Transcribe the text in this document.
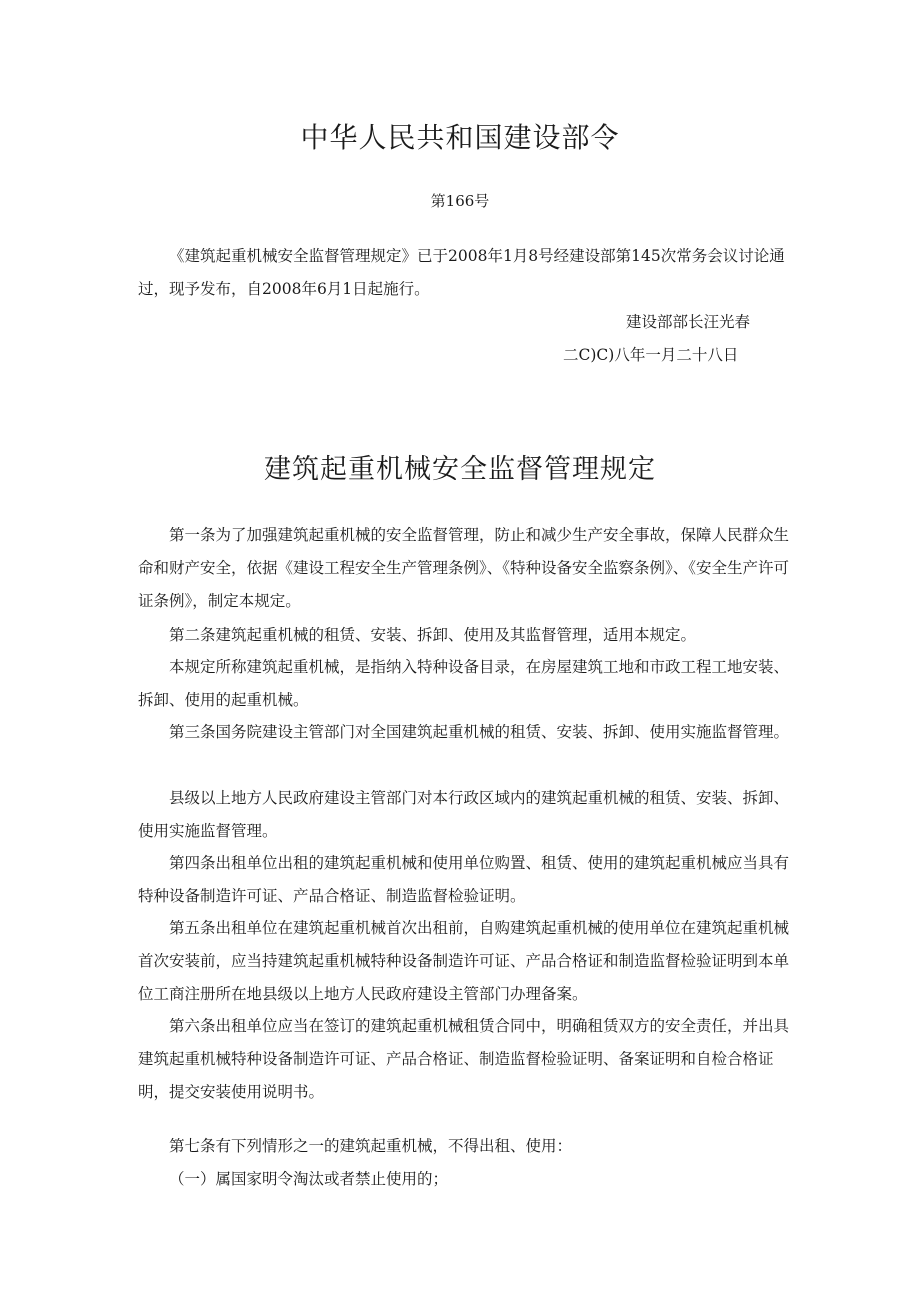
中华人民共和国建设部令
第166号

《建筑起重机械安全监督管理规定》已于2008年1月8号经建设部第145次常务会议讨论通过，现予发布，自2008年6月1日起施行。

建设部部长汪光春
二C)C)八年一月二十八日
建筑起重机械安全监督管理规定

第一条为了加强建筑起重机械的安全监督管理，防止和减少生产安全事故，保障人民群众生命和财产安全，依据《建设工程安全生产管理条例》、《特种设备安全监察条例》、《安全生产许可证条例》，制定本规定。

第二条建筑起重机械的租赁、安装、拆卸、使用及其监督管理，适用本规定。

本规定所称建筑起重机械，是指纳入特种设备目录，在房屋建筑工地和市政工程工地安装、拆卸、使用的起重机械。

第三条国务院建设主管部门对全国建筑起重机械的租赁、安装、拆卸、使用实施监督管理。

县级以上地方人民政府建设主管部门对本行政区域内的建筑起重机械的租赁、安装、拆卸、使用实施监督管理。

第四条出租单位出租的建筑起重机械和使用单位购置、租赁、使用的建筑起重机械应当具有特种设备制造许可证、产品合格证、制造监督检验证明。

第五条出租单位在建筑起重机械首次出租前，自购建筑起重机械的使用单位在建筑起重机械首次安装前，应当持建筑起重机械特种设备制造许可证、产品合格证和制造监督检验证明到本单位工商注册所在地县级以上地方人民政府建设主管部门办理备案。

第六条出租单位应当在签订的建筑起重机械租赁合同中，明确租赁双方的安全责任，并出具建筑起重机械特种设备制造许可证、产品合格证、制造监督检验证明、备案证明和自检合格证明，提交安装使用说明书。

第七条有下列情形之一的建筑起重机械，不得出租、使用：

（一）属国家明令淘汰或者禁止使用的；
